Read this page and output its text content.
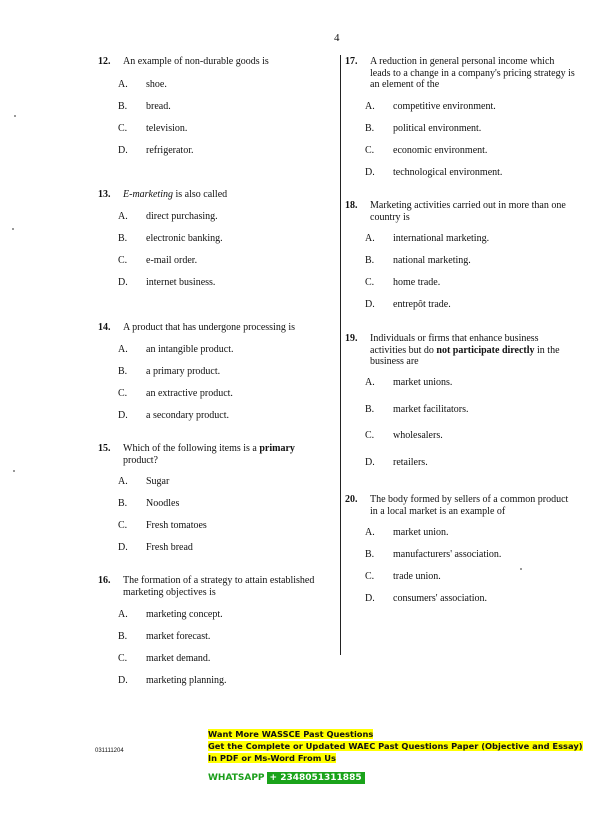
4
12. An example of non-durable goods is
A. shoe.
B. bread.
C. television.
D. refrigerator.
13. E-marketing is also called
A. direct purchasing.
B. electronic banking.
C. e-mail order.
D. internet business.
14. A product that has undergone processing is
A. an intangible product.
B. a primary product.
C. an extractive product.
D. a secondary product.
15. Which of the following items is a primary product?
A. Sugar
B. Noodles
C. Fresh tomatoes
D. Fresh bread
16. The formation of a strategy to attain established marketing objectives is
A. marketing concept.
B. market forecast.
C. market demand.
D. marketing planning.
17. A reduction in general personal income which leads to a change in a company's pricing strategy is an element of the
A. competitive environment.
B. political environment.
C. economic environment.
D. technological environment.
18. Marketing activities carried out in more than one country is
A. international marketing.
B. national marketing.
C. home trade.
D. entrepôt trade.
19. Individuals or firms that enhance business activities but do not participate directly in the business are
A. market unions.
B. market facilitators.
C. wholesalers.
D. retailers.
20. The body formed by sellers of a common product in a local market is an example of
A. market union.
B. manufacturers' association.
C. trade union.
D. consumers' association.
031111204
Want More WASSCE Past Questions
Get the Complete or Updated WAEC Past Questions Paper (Objective and Essay)
In PDF or Ms-Word From Us
WHATSAPP + 2348051311885
